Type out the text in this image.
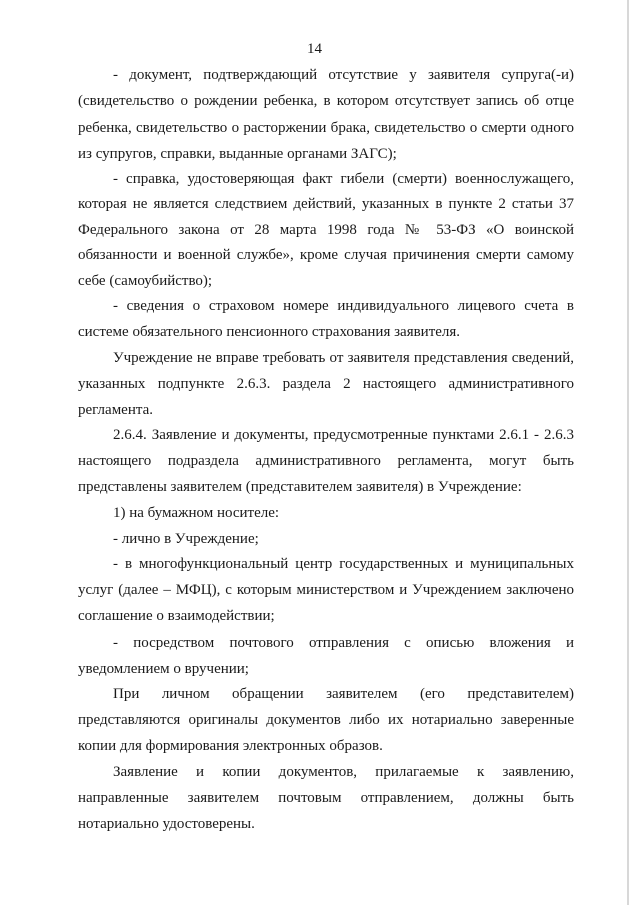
14
- документ, подтверждающий отсутствие у заявителя супруга(-и)
(свидетельство о рождении ребенка, в котором отсутствует запись об отце
ребенка, свидетельство о расторжении брака, свидетельство о смерти одного
из супругов, справки, выданные органами ЗАГС);
- справка, удостоверяющая факт гибели (смерти) военнослужащего,
которая не является следствием действий, указанных в пункте 2 статьи 37
Федерального закона от 28 марта 1998 года № 53-ФЗ «О воинской
обязанности и военной службе», кроме случая причинения смерти самому
себе (самоубийство);
- сведения о страховом номере индивидуального лицевого счета в
системе обязательного пенсионного страхования заявителя.
Учреждение не вправе требовать от заявителя представления сведений,
указанных подпункте 2.6.3. раздела 2 настоящего административного
регламента.
2.6.4. Заявление и документы, предусмотренные пунктами 2.6.1 - 2.6.3
настоящего подраздела административного регламента, могут быть
представлены заявителем (представителем заявителя) в Учреждение:
1) на бумажном носителе:
- лично в Учреждение;
- в многофункциональный центр государственных и муниципальных
услуг (далее – МФЦ), с которым министерством и Учреждением заключено
соглашение о взаимодействии;
- посредством почтового отправления с описью вложения и
уведомлением о вручении;
При личном обращении заявителем (его представителем)
представляются оригиналы документов либо их нотариально заверенные
копии для формирования электронных образов.
Заявление и копии документов, прилагаемые к заявлению,
направленные заявителем почтовым отправлением, должны быть
нотариально удостоверены.
